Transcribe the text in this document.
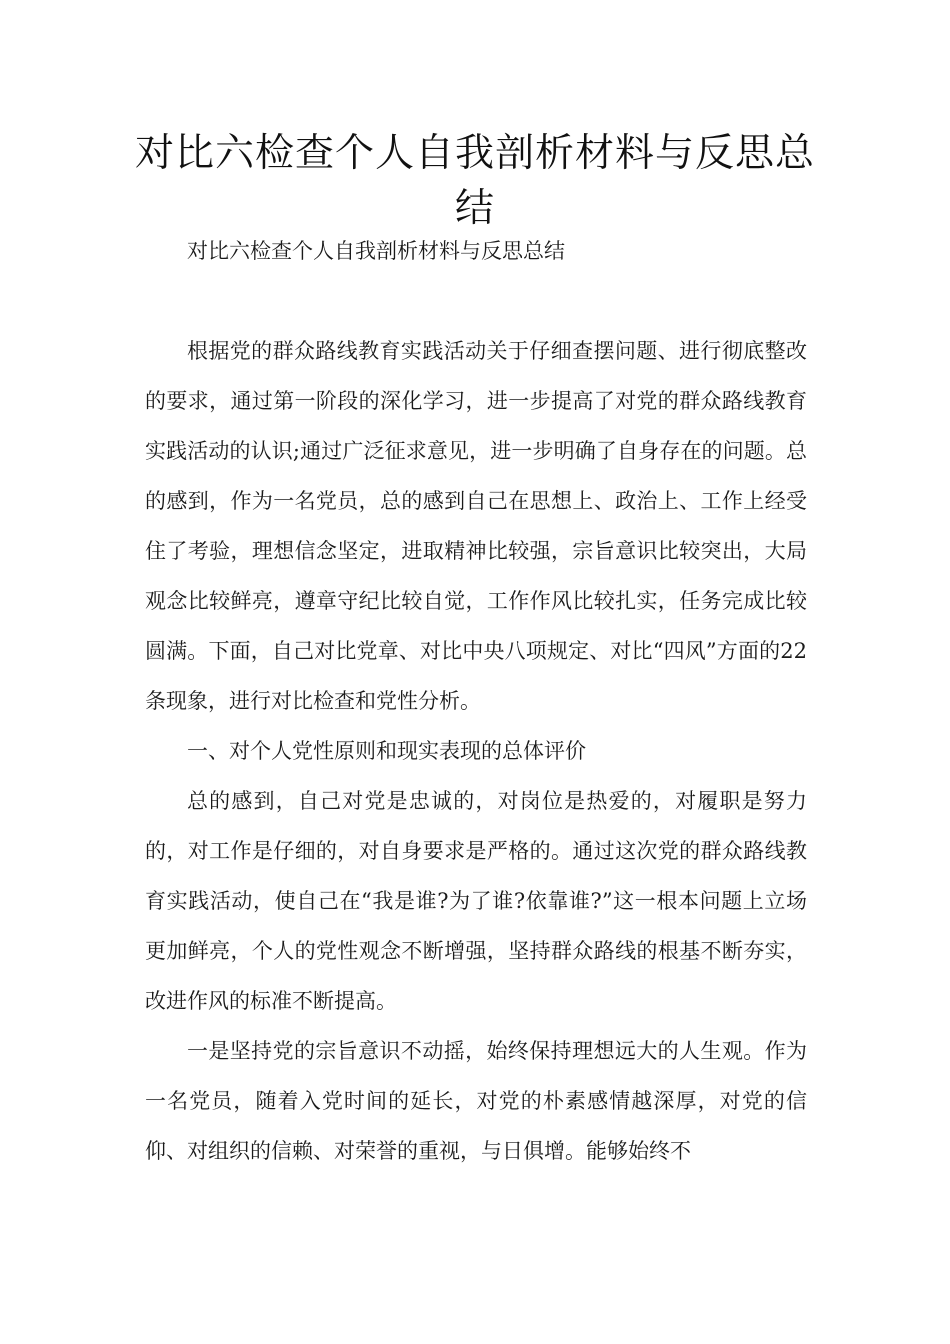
对比六检查个人自我剖析材料与反思总结

对比六检查个人自我剖析材料与反思总结

根据党的群众路线教育实践活动关于仔细查摆问题、进行彻底整改的要求，通过第一阶段的深化学习，进一步提高了对党的群众路线教育实践活动的认识;通过广泛征求意见，进一步明确了自身存在的问题。总的感到，作为一名党员，总的感到自己在思想上、政治上、工作上经受住了考验，理想信念坚定，进取精神比较强，宗旨意识比较突出，大局观念比较鲜亮，遵章守纪比较自觉，工作作风比较扎实，任务完成比较圆满。下面，自己对比党章、对比中央八项规定、对比“四风”方面的22条现象，进行对比检查和党性分析。

一、对个人党性原则和现实表现的总体评价

总的感到，自己对党是忠诚的，对岗位是热爱的，对履职是努力的，对工作是仔细的，对自身要求是严格的。通过这次党的群众路线教育实践活动，使自己在“我是谁?为了谁?依靠谁?”这一根本问题上立场更加鲜亮，个人的党性观念不断增强，坚持群众路线的根基不断夯实，改进作风的标准不断提高。

一是坚持党的宗旨意识不动摇，始终保持理想远大的人生观。作为一名党员，随着入党时间的延长，对党的朴素感情越深厚，对党的信仰、对组织的信赖、对荣誉的重视，与日俱增。能够始终不
